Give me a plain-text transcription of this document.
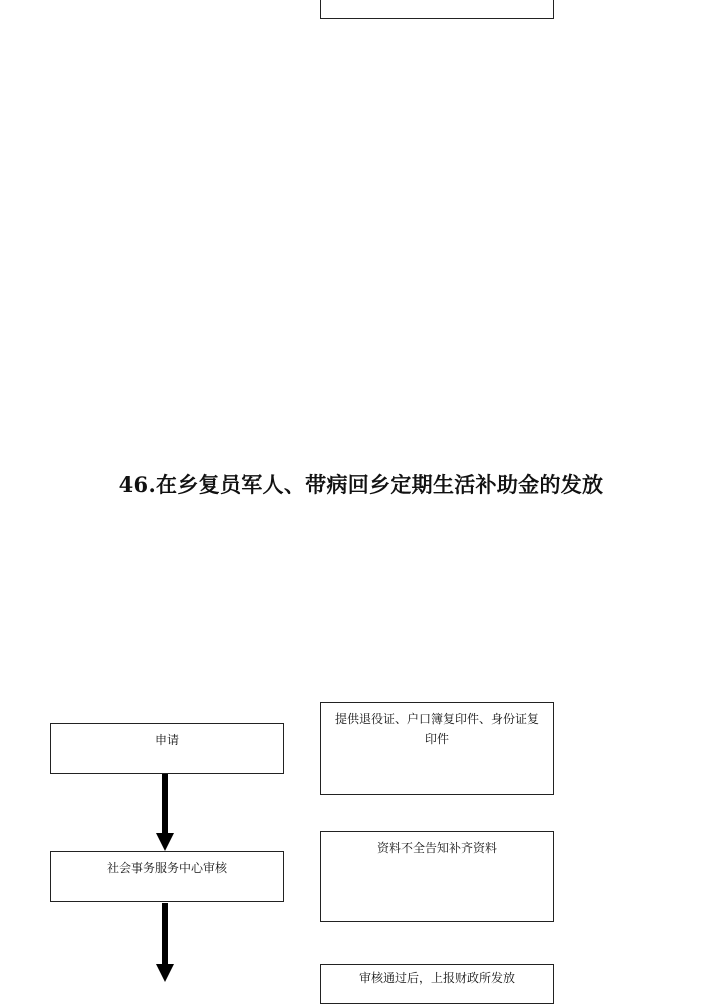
46.在乡复员军人、带病回乡定期生活补助金的发放
申请
社会事务服务中心审核
提供退役证、户口簿复印件、身份证复印件
资料不全告知补齐资料
审核通过后，上报财政所发放
